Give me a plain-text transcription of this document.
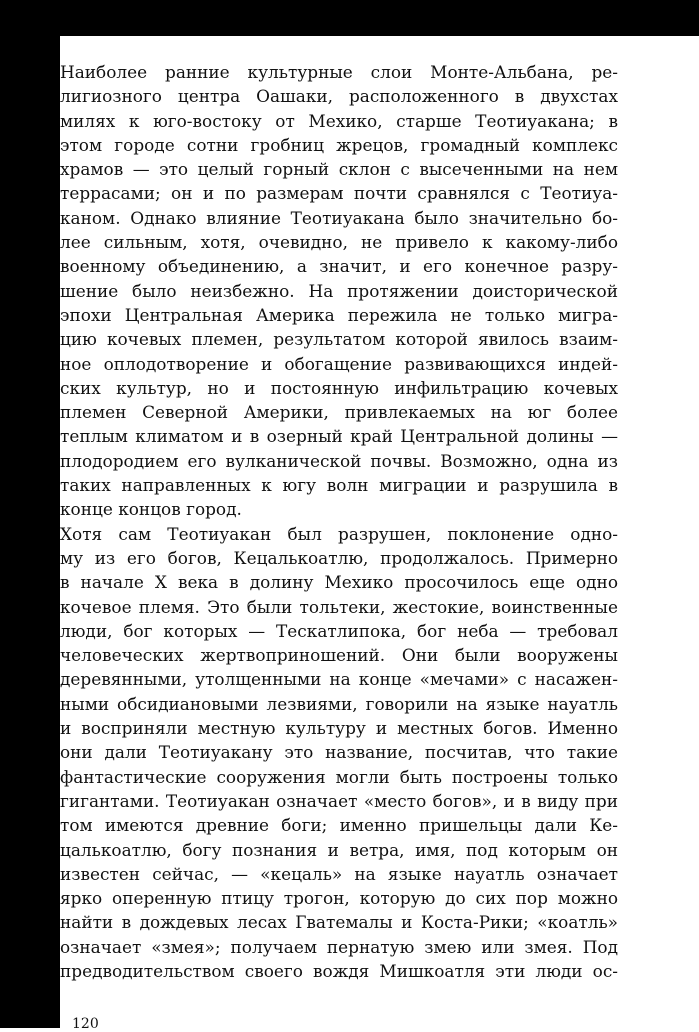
Наиболее ранние культурные слои Монте-Альбана, ре-
лигиозного центра Оашаки, расположенного в двухстах
милях к юго-востоку от Мехико, старше Теотиуакана; в
этом городе сотни гробниц жрецов, громадный комплекс
храмов — это целый горный склон с высеченными на нем
террасами; он и по размерам почти сравнялся с Теотиуа-
каном. Однако влияние Теотиуакана было значительно бо-
лее сильным, хотя, очевидно, не привело к какому-либо
военному объединению, а значит, и его конечное разру-
шение было неизбежно. На протяжении доисторической
эпохи Центральная Америка пережила не только мигра-
цию кочевых племен, результатом которой явилось взаим-
ное оплодотворение и обогащение развивающихся индей-
ских культур, но и постоянную инфильтрацию кочевых
племен Северной Америки, привлекаемых на юг более
теплым климатом и в озерный край Центральной долины —
плодородием его вулканической почвы. Возможно, одна из
таких направленных к югу волн миграции и разрушила в
конце концов город.
Хотя сам Теотиуакан был разрушен, поклонение одно-
му из его богов, Кецалькоатлю, продолжалось. Примерно
в начале X века в долину Мехико просочилось еще одно
кочевое племя. Это были тольтеки, жестокие, воинственные
люди, бог которых — Тескатлипока, бог неба — требовал
человеческих жертвоприношений. Они были вооружены
деревянными, утолщенными на конце «мечами» с насажен-
ными обсидиановыми лезвиями, говорили на языке науатль
и восприняли местную культуру и местных богов. Именно
они дали Теотиуакану это название, посчитав, что такие
фантастические сооружения могли быть построены только
гигантами. Теотиуакан означает «место богов», и в виду при
том имеются древние боги; именно пришельцы дали Ке-
цалькоатлю, богу познания и ветра, имя, под которым он
известен сейчас, — «кецаль» на языке науатль означает
ярко оперенную птицу трогон, которую до сих пор можно
найти в дождевых лесах Гватемалы и Коста-Рики; «коатль»
означает «змея»; получаем пернатую змею или змея. Под
предводительством своего вождя Мишкоатля эти люди ос-
120
